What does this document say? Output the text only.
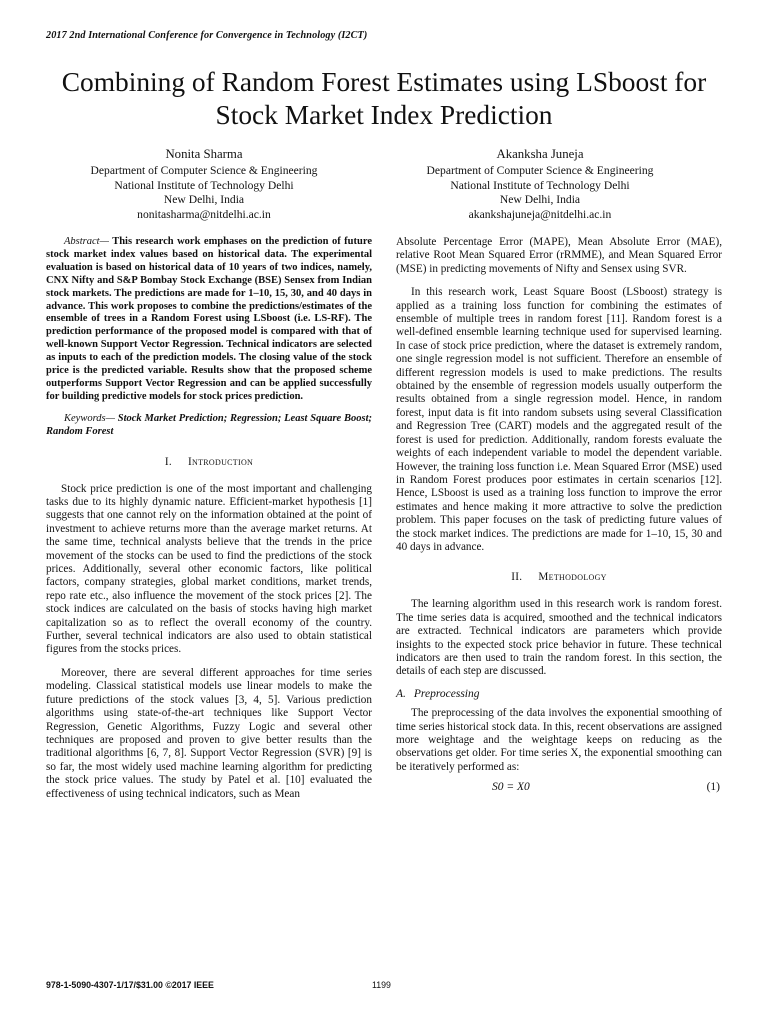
2017 2nd International Conference for Convergence in Technology (I2CT)
Combining of Random Forest Estimates using LSboost for Stock Market Index Prediction
Nonita Sharma
Department of Computer Science & Engineering
National Institute of Technology Delhi
New Delhi, India
nonitasharma@nitdelhi.ac.in
Akanksha Juneja
Department of Computer Science & Engineering
National Institute of Technology Delhi
New Delhi, India
akankshajuneja@nitdelhi.ac.in

Abstract— This research work emphases on the prediction of future stock market index values based on historical data. The experimental evaluation is based on historical data of 10 years of two indices, namely, CNX Nifty and S&P Bombay Stock Exchange (BSE) Sensex from Indian stock markets. The predictions are made for 1–10, 15, 30, and 40 days in advance. This work proposes to combine the predictions/estimates of the ensemble of trees in a Random Forest using LSboost (i.e. LS-RF). The prediction performance of the proposed model is compared with that of well-known Support Vector Regression. Technical indicators are selected as inputs to each of the prediction models. The closing value of the stock price is the predicted variable. Results show that the proposed scheme outperforms Support Vector Regression and can be applied successfully for building predictive models for stock prices prediction.

Keywords— Stock Market Prediction; Regression; Least Square Boost; Random Forest

I. Introduction

Stock price prediction is one of the most important and challenging tasks due to its highly dynamic nature. Efficient-market hypothesis [1] suggests that one cannot rely on the information obtained at the point of investment to achieve returns more than the average market returns. At the same time, technical analysts believe that the trends in the price movement of the stocks can be used to find the predictions of the stock prices. Additionally, several other economic factors, like political factors, company strategies, global market conditions, market trends, repo rate etc., also influence the movement of the stock prices [2]. The stock indices are calculated on the basis of stocks having high market capitalization so as to reflect the overall economy of the country. Further, several technical indicators are also used to obtain statistical figures from the stocks prices.

Moreover, there are several different approaches for time series modeling. Classical statistical models use linear models to make the future predictions of the stock values [3, 4, 5]. Various prediction algorithms using state-of-the-art techniques like Support Vector Regression, Genetic Algorithms, Fuzzy Logic and several other techniques are proposed and proven to give better results than the traditional algorithms [6, 7, 8]. Support Vector Regression (SVR) [9] is so far, the most widely used machine learning algorithm for predicting the stock price values. The study by Patel et al. [10] evaluated the effectiveness of using technical indicators, such as Mean

Absolute Percentage Error (MAPE), Mean Absolute Error (MAE), relative Root Mean Squared Error (rRMME), and Mean Squared Error (MSE) in predicting movements of Nifty and Sensex using SVR.

In this research work, Least Square Boost (LSboost) strategy is applied as a training loss function for combining the estimates of ensemble of multiple trees in random forest [11]. Random forest is a well-defined ensemble learning technique used for supervised learning. In case of stock price prediction, where the dataset is extremely random, one single regression model is not sufficient. Therefore an ensemble of different regression models is used to make predictions. The results obtained by the ensemble of regression models usually outperform the results obtained from a single regression model. Hence, in random forest, input data is fit into random subsets using several Classification and Regression Tree (CART) models and the aggregated result of the forest is used for prediction. Additionally, random forests evaluate the weights of each independent variable to model the dependent variable. However, the training loss function i.e. Mean Squared Error (MSE) used in Random Forest produces poor estimates in certain scenarios [12]. Hence, LSboost is used as a training loss function to improve the error estimates and hence making it more attractive to solve the prediction problem. This paper focuses on the task of predicting future values of the stock market indices. The predictions are made for 1–10, 15, 30 and 40 days in advance.

II. Methodology

The learning algorithm used in this research work is random forest. The time series data is acquired, smoothed and the technical indicators are extracted. Technical indicators are parameters which provide insights to the expected stock price behavior in future. These technical indicators are then used to train the random forest. In this section, the details of each step are discussed.

A. Preprocessing

The preprocessing of the data involves the exponential smoothing of time series historical stock data. In this, recent observations are assigned more weightage and the weightage keeps on reducing as the observations get older. For time series X, the exponential smoothing can be iteratively performed as:

S0 = X0	(1)
978-1-5090-4307-1/17/$31.00 ©2017 IEEE	1199
